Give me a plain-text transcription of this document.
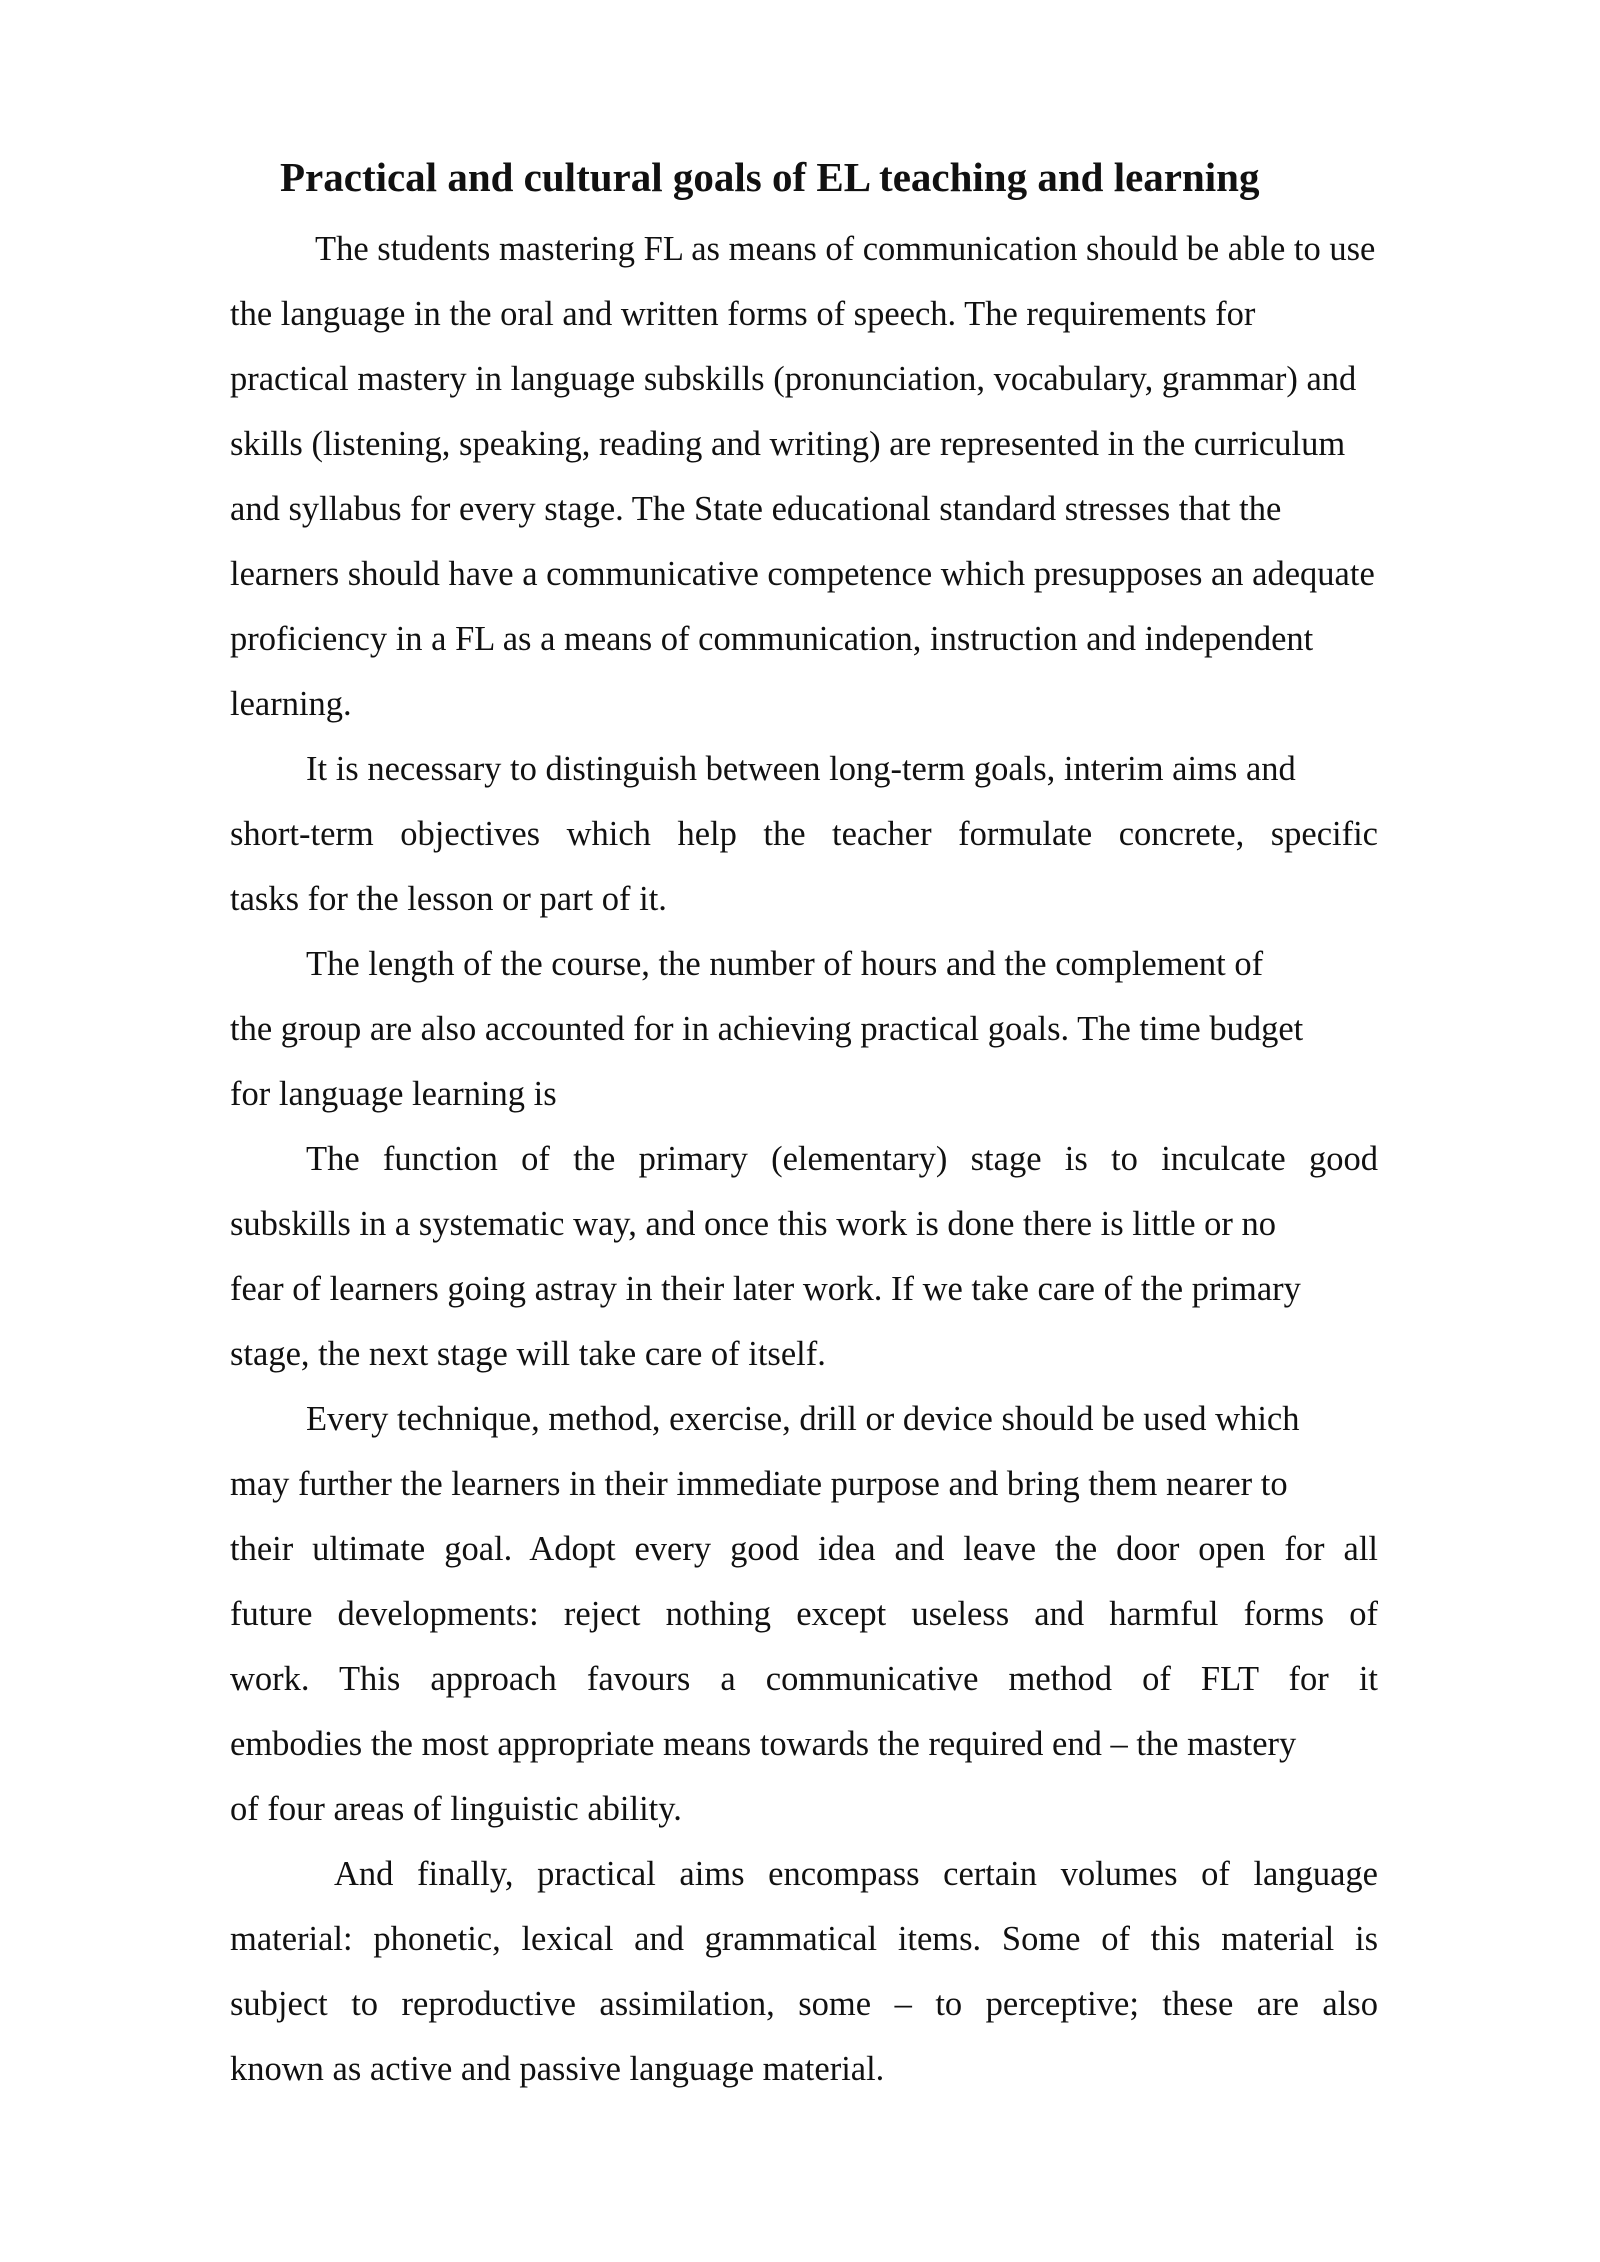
Practical and cultural goals of EL teaching and learning

The students mastering FL as means of communication should be able to use

the language in the oral and written forms of speech. The requirements for

practical mastery in language subskills (pronunciation, vocabulary, grammar) and

skills (listening, speaking, reading and writing) are represented in the curriculum

and syllabus for every stage. The State educational standard stresses that the

learners should have a communicative competence which presupposes an adequate

proficiency in a FL as a means of communication, instruction and independent

learning.

It is necessary to distinguish between long-term goals, interim aims and

short-term objectives which help the teacher formulate concrete, specific

tasks for the lesson or part of it.

The length of the course, the number of hours and the complement of

the group are also accounted for in achieving practical goals. The time budget

for language learning is

The function of the primary (elementary) stage is to inculcate good

subskills in a systematic way, and once this work is done there is little or no

fear of learners going astray in their later work. If we take care of the primary

stage, the next stage will take care of itself.

Every technique, method, exercise, drill or device should be used which

may further the learners in their immediate purpose and bring them nearer to

their ultimate goal. Adopt every good idea and leave the door open for all

future developments: reject nothing except useless and harmful forms of

work. This approach favours a communicative method of FLT for it

embodies the most appropriate means towards the required end – the mastery

of four areas of linguistic ability.

And finally, practical aims encompass certain volumes of language

material: phonetic, lexical and grammatical items. Some of this material is

subject to reproductive assimilation, some – to perceptive; these are also

known as active and passive language material.
